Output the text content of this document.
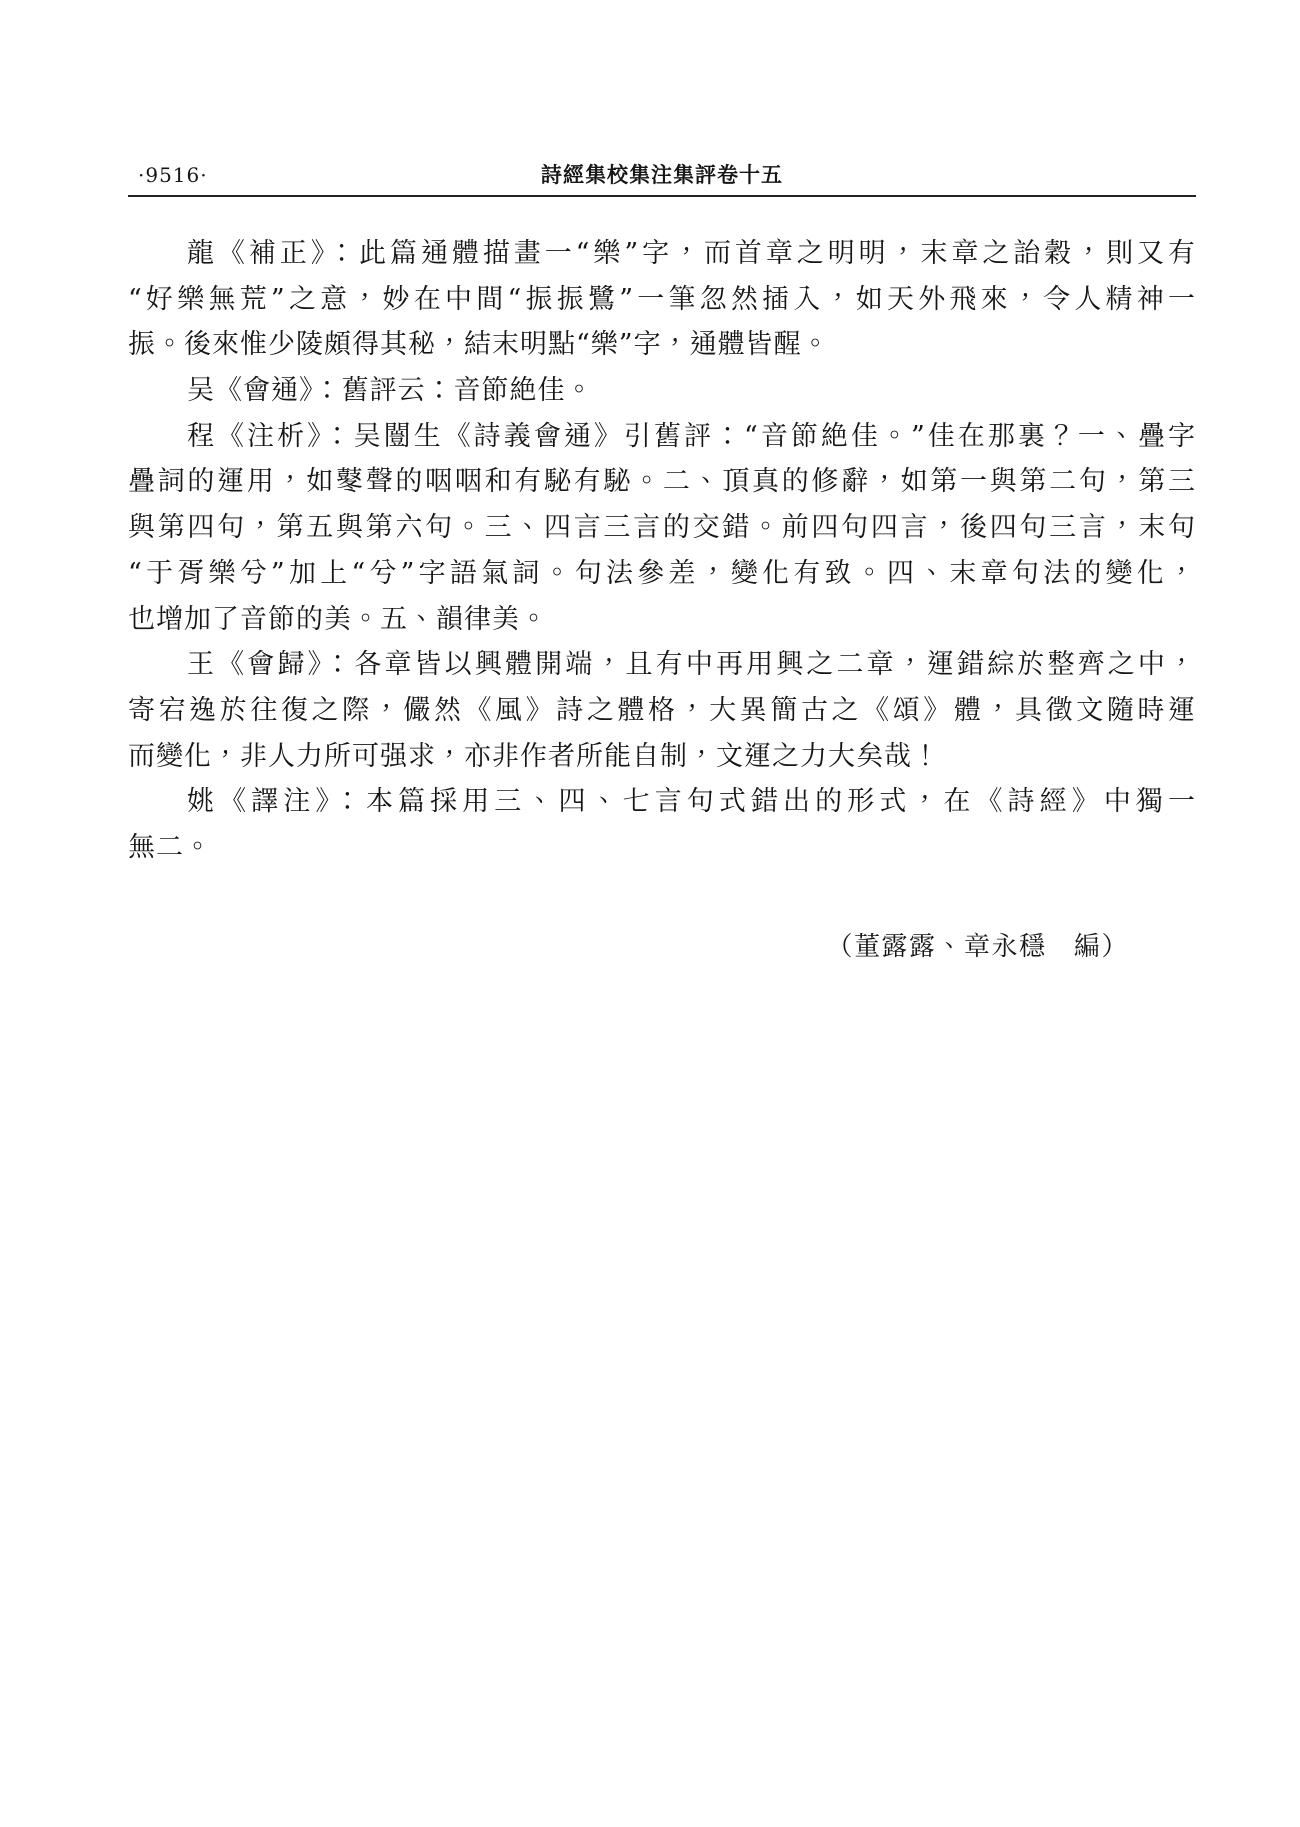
·9516·	詩經集校集注集評卷十五
龍《補正》：此篇通體描畫一“樂”字，而首章之明明，末章之詒穀，則又有
“好樂無荒”之意，妙在中間“振振鷺”一筆忽然插入，如天外飛來，令人精神一
振。後來惟少陵頗得其秘，結末明點“樂”字，通體皆醒。
吴《會通》：舊評云：音節絶佳。
程《注析》：吴闓生《詩義會通》引舊評：“音節絶佳。”佳在那裏？一、疊字
疊詞的運用，如鼕聲的咽咽和有駜有駜。二、頂真的修辭，如第一與第二句，第三
與第四句，第五與第六句。三、四言三言的交錯。前四句四言，後四句三言，末句
“于胥樂兮”加上“兮”字語氣詞。句法參差，變化有致。四、末章句法的變化，
也增加了音節的美。五、韻律美。
王《會歸》：各章皆以興體開端，且有中再用興之二章，運錯綜於整齊之中，
寄宕逸於往復之際，儼然《風》詩之體格，大異簡古之《頌》體，具徵文隨時運
而變化，非人力所可强求，亦非作者所能自制，文運之力大矣哉！
姚《譯注》：本篇採用三、四、七言句式錯出的形式，在《詩經》中獨一
無二。
（董露露、章永穩　編）
